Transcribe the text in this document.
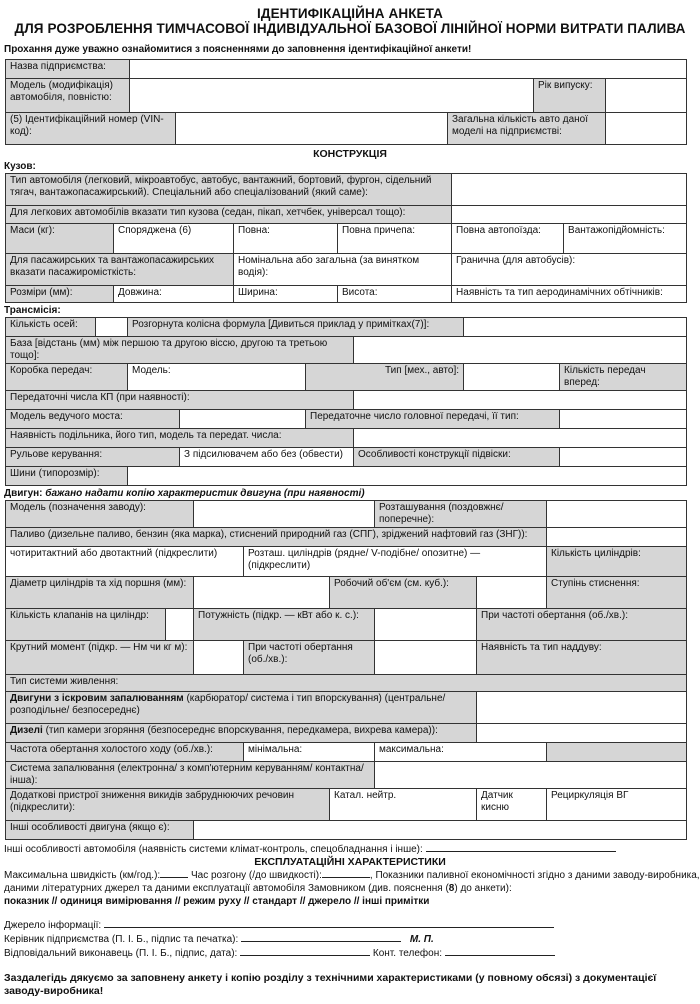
ІДЕНТИФІКАЦІЙНА АНКЕТА
ДЛЯ РОЗРОБЛЕННЯ ТИМЧАСОВОЇ ІНДИВІДУАЛЬНОЇ БАЗОВОЇ ЛІНІЙНОЇ НОРМИ ВИТРАТИ ПАЛИВА
Прохання дуже уважно ознайомитися з поясненнями до заповнення ідентифікаційної анкети!
Назва підприємства:					
Модель (модифікація) автомобіля, повністю:				Рік випуску:	
(5) Ідентифікаційний номер (VIN-код):			Загальна кількість авто даної моделі на підприємстві:		
КОНСТРУКЦІЯ
Кузов:
Тип автомобіля (легковий, мікроавтобус, автобус, вантажний, бортовий, фургон, сідельний тягач, вантажопасажирський). Спеціальний або спеціалізований (який саме):					
Для легкових автомобілів вказати тип кузова (седан, пікап, хетчбек, універсал тощо):					
Маси (кг):	Споряджена (6)	Повна:	Повна причепа:	Повна автопоїзда:	Вантажопідйомність:
Для пасажирських та вантажопасажирських вказати пасажиромісткість:		Номінальна або загальна (за винятком водія):		Гранична (для автобусів):	
Розміри (мм):	Довжина:	Ширина:	Висота:	Наявність та тип аеродинамічних обтічників:	
Трансмісія:
Кількість осей:		Розгорнута колісна формула [Дивиться приклад у примітках(7)]:					
База [відстань (мм) між першою та другою віссю, другою та третьою тощо]:							
Коробка передач:		Модель:		Тип [мех., авто]:			Кількість передач вперед:
Передаточні числа КП (при наявності):							
Модель ведучого моста:				Передаточне число головної передачі, її тип:			
Наявність подільника, його тип, модель та передат. числа:							
Рульове керування:			З підсилювачем або без (обвести)		Особливості конструкції підвіски:		
Шини (типорозмір):							
Двигун: бажано надати копію характеристик двигуна (при наявності)
Модель (позначення заводу):					Розташування (поздовжнє/поперечне):		
Паливо (дизельне паливо, бензин (яка марка), стиснений природний газ (СПГ), зріджений нафтовий газ (ЗНГ)):							
чотиритактний або двотактний (підкреслити)			Розташ. циліндрів (рядне/ V-подібне/ опозитне) — (підкреслити)				Кількість циліндрів:
Діаметр циліндрів та хід поршня (мм):				Робочий об'єм (см. куб.):			Ступінь стиснення:
Кількість клапанів на циліндр:		Потужність (підкр. — кВт або к. с.):				При частоті обертання (об./хв.):	
Крутний момент (підкр. — Нм чи кг м):			При частоті обертання (об./хв.):			Наявність та тип наддуву:	
Тип системи живлення:							
Двигуни з іскровим запалюванням (карбюратор/ система і тип впорскування) (центральне/ розподільне/ безпосереднє)							
Дизелі (тип камери згоряння (безпосереднє впорскування, передкамера, вихрева камера)):							
Частота обертання холостого ходу (об./хв.):			мінімальна:		максимальна:		
Система запалювання (електронна/ з комп'ютерним керуванням/ контактна/ інша):							
Додаткові пристрої зниження викидів забруднюючих речовин (підкреслити):				Катал. нейтр.		Датчик кисню	Рециркуляція ВГ
Інші особливості двигуна (якщо є):							
Інші особливості автомобіля (наявність системи клімат-контроль, спецобладнання і інше):
ЕКСПЛУАТАЦІЙНІ ХАРАКТЕРИСТИКИ
Максимальна швидкість (км/год.):	Час розгону (/до швидкості):	, Показники паливної економічності згідно з даними заводу-виробника, даними літературних джерел та даними експлуатації автомобіля Замовником (див. пояснення (8) до анкети):
показник // одиниця вимірювання // режим руху // стандарт // джерело // інші примітки
Джерело інформації:
Керівник підприємства (П. І. Б., підпис та печатка):	М. П.
Відповідальний виконавець (П. І. Б., підпис, дата):	Конт. телефон:
Заздалегідь дякуємо за заповнену анкету і копію розділу з технічними характеристиками (у повному обсязі) з документацієї заводу-виробника!
